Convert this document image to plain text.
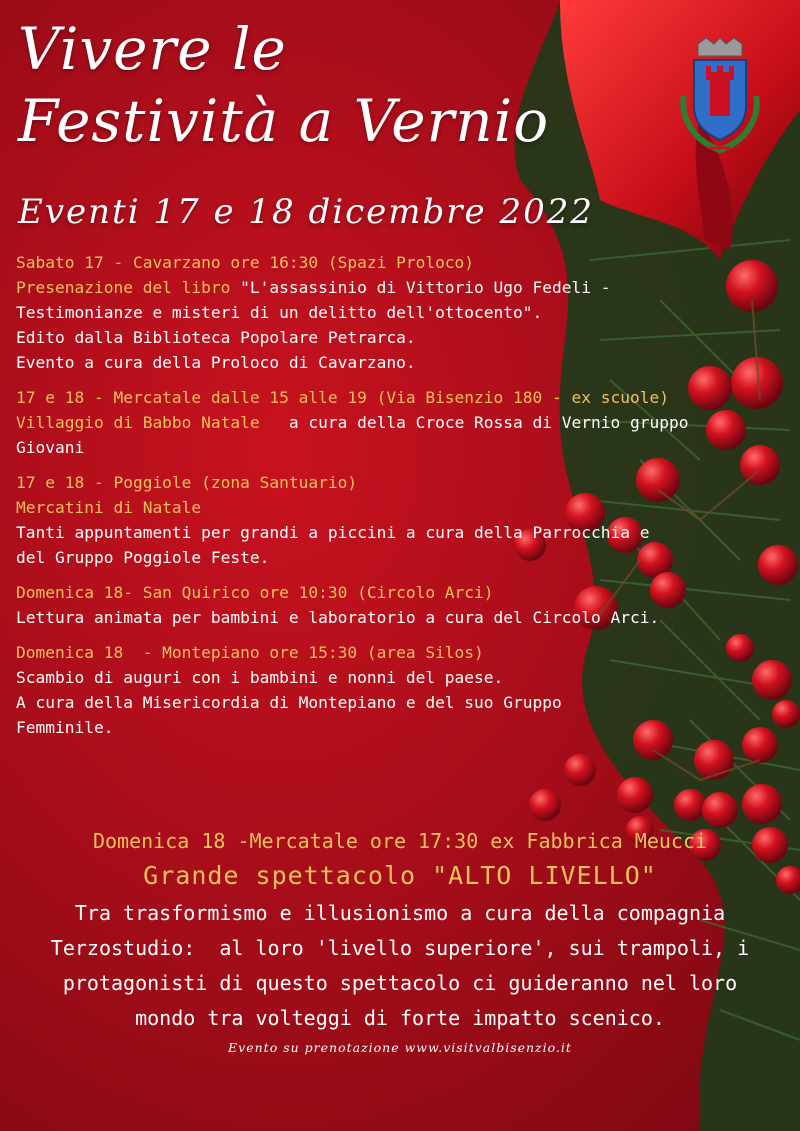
Vivere le
Festività a Vernio
Eventi 17 e 18 dicembre 2022
Sabato 17 - Cavarzano ore 16:30 (Spazi Proloco)
Presenazione del libro "L'assassinio di Vittorio Ugo Fedeli -
Testimonianze e misteri di un delitto dell'ottocento".
Edito dalla Biblioteca Popolare Petrarca.
Evento a cura della Proloco di Cavarzano.
17 e 18 - Mercatale dalle 15 alle 19 (Via Bisenzio 180 - ex scuole)
Villaggio di Babbo Natale   a cura della Croce Rossa di Vernio gruppo
Giovani
17 e 18 - Poggiole (zona Santuario)
Mercatini di Natale
Tanti appuntamenti per grandi a piccini a cura della Parrocchia e
del Gruppo Poggiole Feste.
Domenica 18- San Quirico ore 10:30 (Circolo Arci)
Lettura animata per bambini e laboratorio a cura del Circolo Arci.
Domenica 18  - Montepiano ore 15:30 (area Silos)
Scambio di auguri con i bambini e nonni del paese.
A cura della Misericordia di Montepiano e del suo Gruppo
Femminile.
Domenica 18 -Mercatale ore 17:30 ex Fabbrica Meucci
Grande spettacolo "ALTO LIVELLO"
Tra trasformismo e illusionismo a cura della compagnia
Terzostudio:  al loro 'livello superiore', sui trampoli, i
protagonisti di questo spettacolo ci guideranno nel loro
mondo tra volteggi di forte impatto scenico.
Evento su prenotazione www.visitvalbisenzio.it
